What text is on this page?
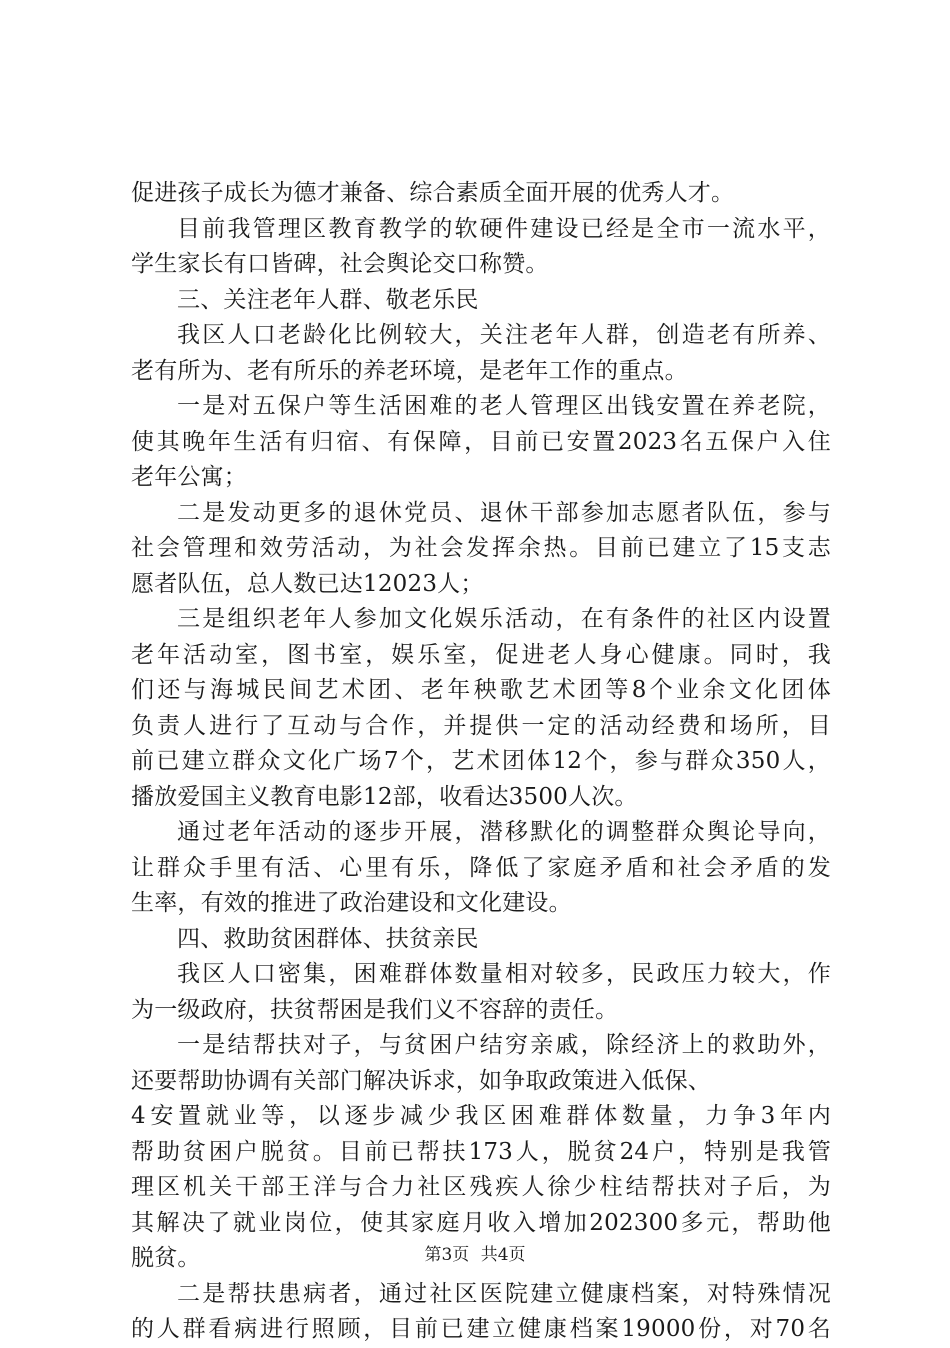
促进孩子成长为德才兼备、综合素质全面开展的优秀人才。
目前我管理区教育教学的软硬件建设已经是全市一流水平，
学生家长有口皆碑，社会舆论交口称赞。
三、关注老年人群、敬老乐民
我区人口老龄化比例较大，关注老年人群，创造老有所养、
老有所为、老有所乐的养老环境，是老年工作的重点。
一是对五保户等生活困难的老人管理区出钱安置在养老院，
使其晚年生活有归宿、有保障，目前已安置2023名五保户入住
老年公寓；
二是发动更多的退休党员、退休干部参加志愿者队伍，参与
社会管理和效劳活动，为社会发挥余热。目前已建立了15支志
愿者队伍，总人数已达12023人；
三是组织老年人参加文化娱乐活动，在有条件的社区内设置
老年活动室，图书室，娱乐室，促进老人身心健康。同时，我
们还与海城民间艺术团、老年秧歌艺术团等8个业余文化团体
负责人进行了互动与合作，并提供一定的活动经费和场所，目
前已建立群众文化广场7个，艺术团体12个，参与群众350人，
播放爱国主义教育电影12部，收看达3500人次。
通过老年活动的逐步开展，潜移默化的调整群众舆论导向，
让群众手里有活、心里有乐，降低了家庭矛盾和社会矛盾的发
生率，有效的推进了政治建设和文化建设。
四、救助贫困群体、扶贫亲民
我区人口密集，困难群体数量相对较多，民政压力较大，作
为一级政府，扶贫帮困是我们义不容辞的责任。
一是结帮扶对子，与贫困户结穷亲戚，除经济上的救助外，
还要帮助协调有关部门解决诉求，如争取政策进入低保、
4安置就业等，以逐步减少我区困难群体数量，力争3年内
帮助贫困户脱贫。目前已帮扶173人，脱贫24户，特别是我管
理区机关干部王洋与合力社区残疾人徐少柱结帮扶对子后，为
其解决了就业岗位，使其家庭月收入增加202300多元，帮助他
脱贫。
二是帮扶患病者，通过社区医院建立健康档案，对特殊情况
的人群看病进行照顾，目前已建立健康档案19000份，对70名
第3页 共4页
